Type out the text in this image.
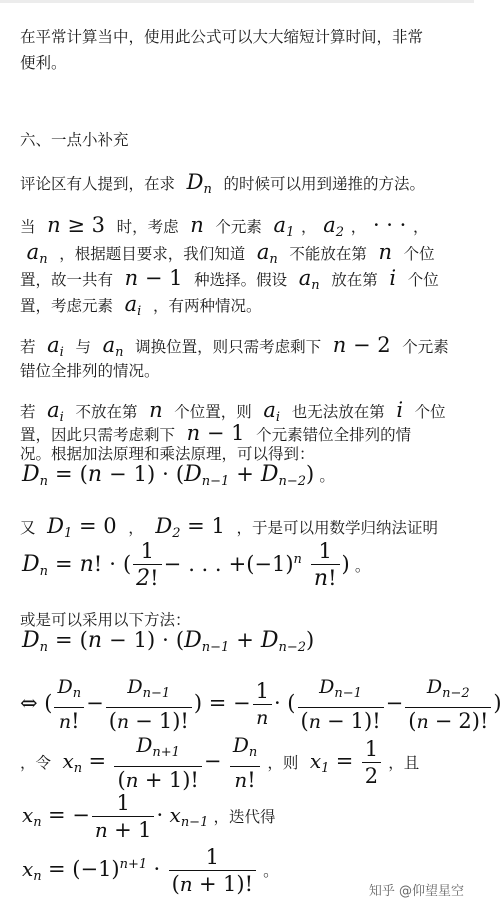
在平常计算当中，使用此公式可以大大缩短计算时间，非常
便利。
六、一点小补充
评论区有人提到，在求  $D_n$ 的时候可以用到递推的方法。
当  n ≥ 3 时，考虑  n  个元素  $a_1$ ， $a_2$ ， · · · ，
$a_n$ ，根据题目要求，我们知道  $a_n$ 不能放在第  n  个位
置，故一共有  n − 1 种选择。假设  $a_n$ 放在第  i  个位
置，考虑元素  $a_i$ ，有两种情况。
若  $a_i$ 与  $a_n$ 调换位置，则只需考虑剩下  n − 2 个元素
错位全排列的情况。
若  $a_i$ 不放在第  n  个位置，则  $a_i$ 也无法放在第  i  个位
置，因此只需考虑剩下  n − 1 个元素错位全排列的情
况。根据加法原理和乘法原理，可以得到：
$D_n = (n - 1) \cdot (D_{n-1} + D_{n-2})$ 。
又  $D_1 = 0$ ，  $D_2 = 1$ ，于是可以用数学归纳法证明
$D_n = n$! · ( $\frac{1}{2!}$ − . . . $+(-1)^n \frac{1}{n!}$ ) 。
或是可以采用以下方法：
$D_n = (n - 1) \cdot (D_{n-1} + D_{n-2})$
⇔ ( $\frac{D_n}{n!} - \frac{D_{n-1}}{(n - 1)!}$ ) = − $\frac{1}{n}$ · ( $\frac{D_{n-1}}{(n - 1)!} - \frac{D_{n-2}}{(n - 2)!}$ )
，令  $x_n = \frac{D_{n+1}}{(n + 1)!} - \frac{D_n}{n!}$ ，则  $x_1 = \frac{1}{2}$ ，且
$x_n$ = − $\frac{1}{n + 1} \cdot x_{n-1}$ ，迭代得
$x_n = (-1)^{n+1} \cdot \frac{1}{(n + 1)!}$ 。
知乎 @仰望星空
